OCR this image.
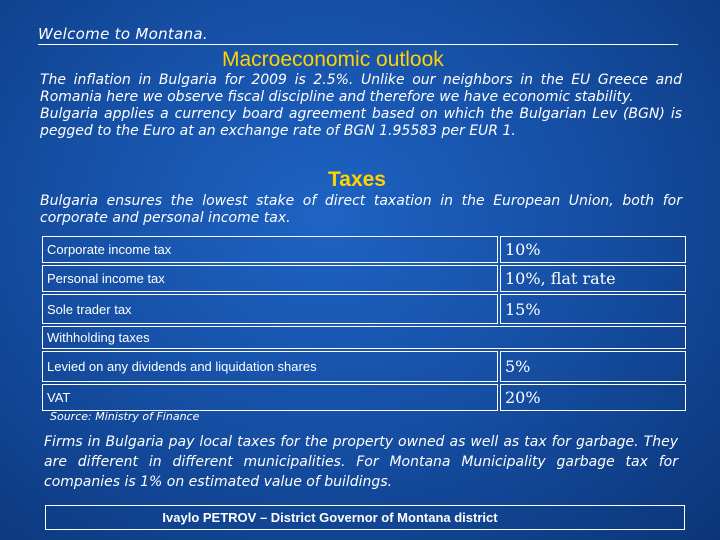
Welcome to Montana.
Macroeconomic outlook
The inflation in Bulgaria for 2009 is 2.5%. Unlike our neighbors in the EU Greece and Romania here we observe fiscal discipline and therefore we have economic stability.
Bulgaria applies a currency board agreement based on which the Bulgarian Lev (BGN) is pegged to the Euro at an exchange rate of BGN 1.95583 per EUR 1.
Taxes
Bulgaria ensures the lowest stake of direct taxation in the European Union, both for corporate and personal income tax.
Corporate income tax	10%
Personal income tax	10%, flat rate
Sole trader tax	15%
Withholding taxes	
Levied on any dividends and liquidation shares	5%
VAT	20%
Source: Ministry of Finance
Firms in Bulgaria pay local taxes for the property owned as well as tax for garbage. They are different in different municipalities. For Montana Municipality garbage tax for companies is 1% on estimated value of buildings.
Ivaylo PETROV – District Governor of Montana district
